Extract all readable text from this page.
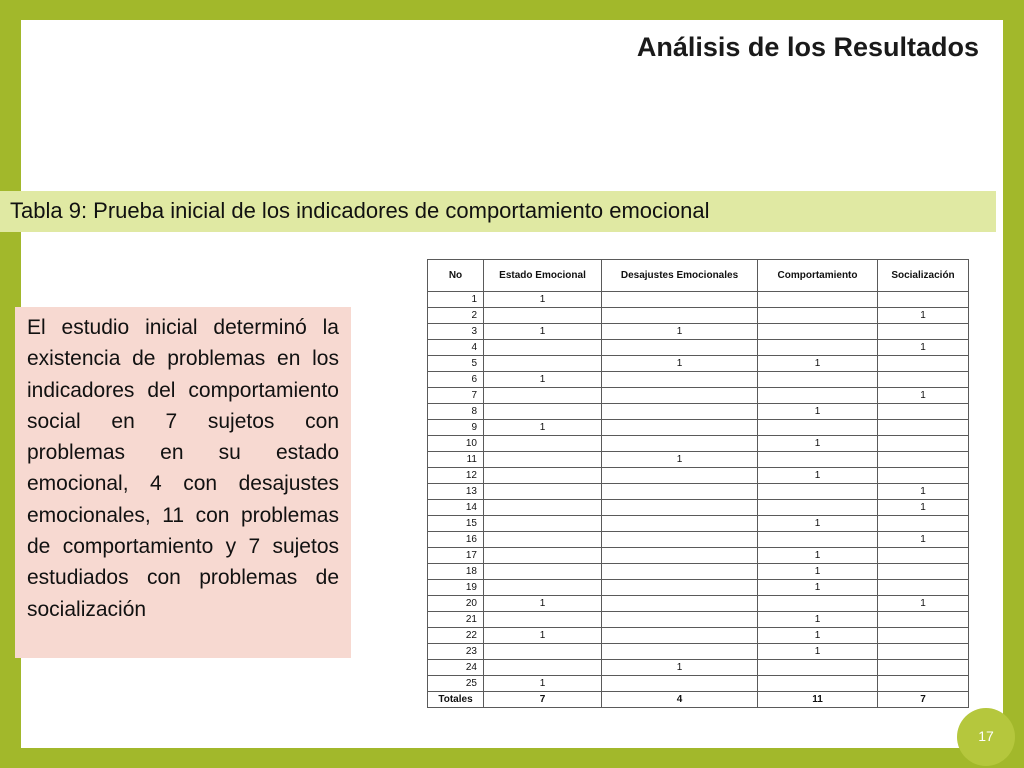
Análisis de los Resultados
Tabla 9: Prueba inicial de los indicadores de comportamiento emocional

El estudio inicial determinó la existencia de problemas en los indicadores del comportamiento social en 7 sujetos con problemas en su estado emocional, 4 con desajustes emocionales, 11 con problemas de comportamiento y 7 sujetos estudiados con problemas de socialización

No	Estado Emocional	Desajustes Emocionales	Comportamiento	Socialización
1	1			
2				1
3	1	1		
4				1
5		1	1	
6	1			
7				1
8			1	
9	1			
10			1	
11		1		
12			1	
13				1
14				1
15			1	
16				1
17			1	
18			1	
19			1	
20	1			1
21			1	
22	1		1	
23			1	
24		1		
25	1			
Totales	7	4	11	7
17
